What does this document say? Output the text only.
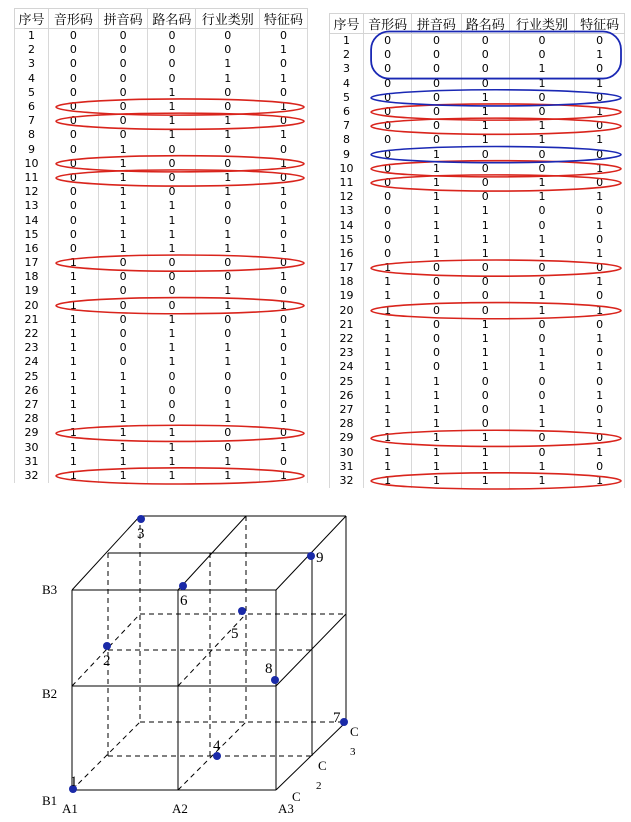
序号	音形码	拼音码	路名码	行业类别	特征码
1	0	0	0	0	0
2	0	0	0	0	1
3	0	0	0	1	0
4	0	0	0	1	1
5	0	0	1	0	0
6	0	0	1	0	1
7	0	0	1	1	0
8	0	0	1	1	1
9	0	1	0	0	0
10	0	1	0	0	1
11	0	1	0	1	0
12	0	1	0	1	1
13	0	1	1	0	0
14	0	1	1	0	1
15	0	1	1	1	0
16	0	1	1	1	1
17	1	0	0	0	0
18	1	0	0	0	1
19	1	0	0	1	0
20	1	0	0	1	1
21	1	0	1	0	0
22	1	0	1	0	1
23	1	0	1	1	0
24	1	0	1	1	1
25	1	1	0	0	0
26	1	1	0	0	1
27	1	1	0	1	0
28	1	1	0	1	1
29	1	1	1	0	0
30	1	1	1	0	1
31	1	1	1	1	0
32	1	1	1	1	1
序号	音形码	拼音码	路名码	行业类别	特征码
1	0	0	0	0	0
2	0	0	0	0	1
3	0	0	0	1	0
4	0	0	0	1	1
5	0	0	1	0	0
6	0	0	1	0	1
7	0	0	1	1	0
8	0	0	1	1	1
9	0	1	0	0	0
10	0	1	0	0	1
11	0	1	0	1	0
12	0	1	0	1	1
13	0	1	1	0	0
14	0	1	1	0	1
15	0	1	1	1	0
16	0	1	1	1	1
17	1	0	0	0	0
18	1	0	0	0	1
19	1	0	0	1	0
20	1	0	0	1	1
21	1	0	1	0	0
22	1	0	1	0	1
23	1	0	1	1	0
24	1	0	1	1	1
25	1	1	0	0	0
26	1	1	0	0	1
27	1	1	0	1	0
28	1	1	0	1	1
29	1	1	1	0	0
30	1	1	1	0	1
31	1	1	1	1	0
32	1	1	1	1	1
1
2
3
4
5
6
7
8
9
B3
B2
B1
A1	A2	A3
C
C
2
C
3
